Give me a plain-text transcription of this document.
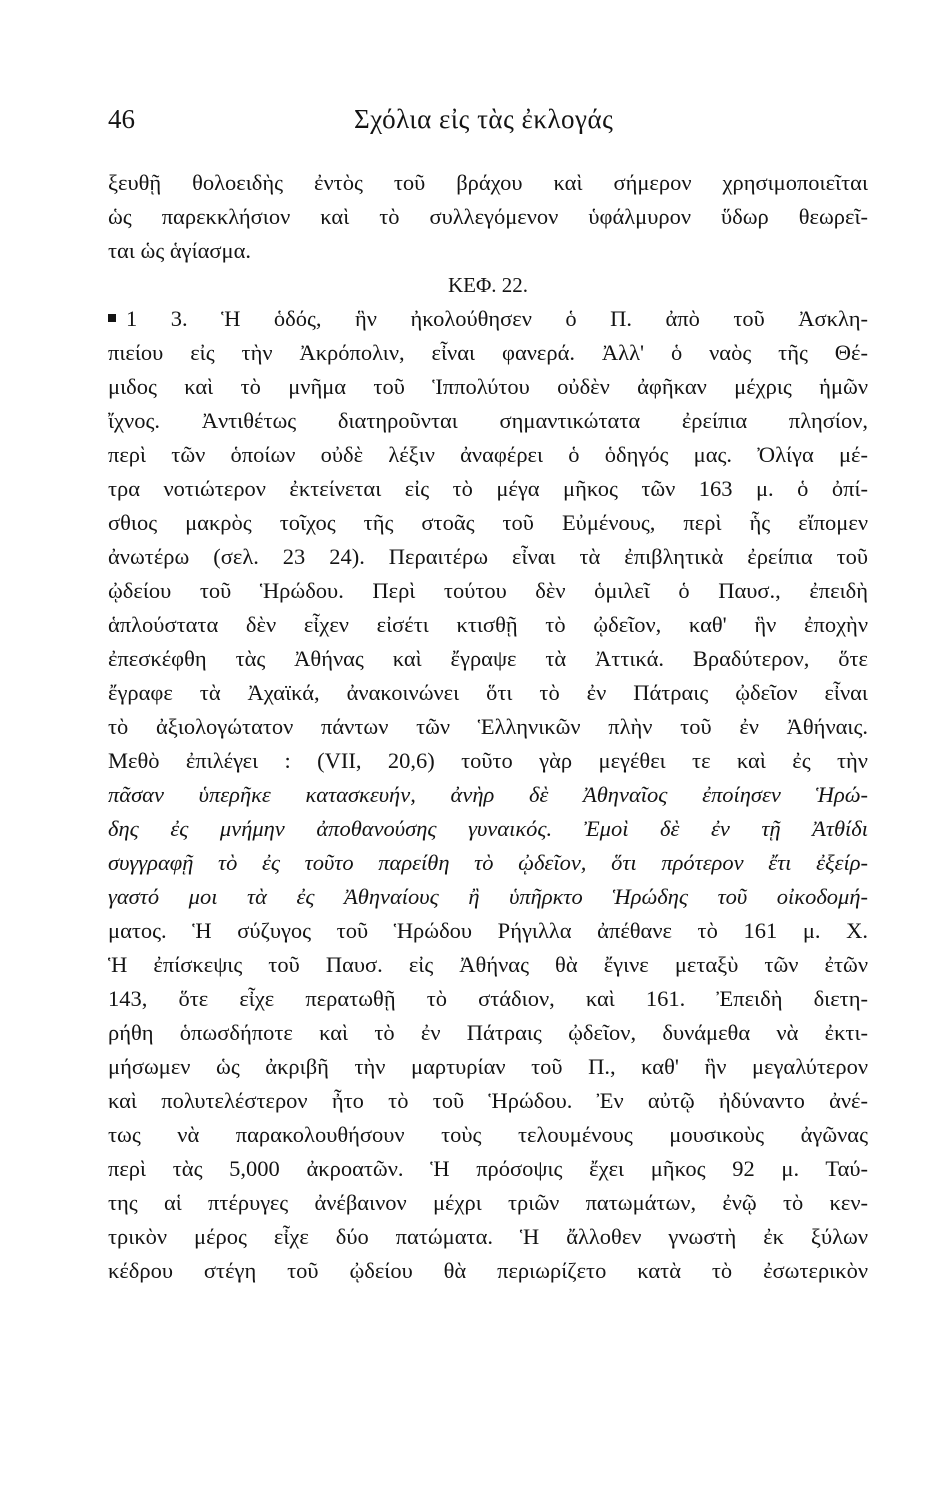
46	Σχόλια εἰς τὰς ἐκλογάς
ξευθῇ θολοειδὴς ἐντὸς τοῦ βράχου καὶ σήμερον χρησιμοποιεῖται
ὡς παρεκκλήσιον καὶ τὸ συλλεγόμενον ὑφάλμυρον ὕδωρ θεωρεῖ-
ται ὡς ἁγίασμα.
ΚΕΦ. 22.
1 3. Ἡ ὁδός, ἣν ἠκολούθησεν ὁ Π. ἀπὸ τοῦ Ἀσκλη-
πιείου εἰς τὴν Ἀκρόπολιν, εἶναι φανερά. Ἀλλ' ὁ ναὸς τῆς Θέ-
μιδος καὶ τὸ μνῆμα τοῦ Ἱππολύτου οὐδὲν ἀφῆκαν μέχρις ἡμῶν
ἴχνος. Ἀντιθέτως διατηροῦνται σημαντικώτατα ἐρείπια πλησίον,
περὶ τῶν ὁποίων οὐδὲ λέξιν ἀναφέρει ὁ ὁδηγός μας. Ὀλίγα μέ-
τρα νοτιώτερον ἐκτείνεται εἰς τὸ μέγα μῆκος τῶν 163 μ. ὁ ὀπί-
σθιος μακρὸς τοῖχος τῆς στοᾶς τοῦ Εὐμένους, περὶ ἧς εἴπομεν
ἀνωτέρω (σελ. 23 24). Περαιτέρω εἶναι τὰ ἐπιβλητικὰ ἐρείπια τοῦ
ᾠδείου τοῦ Ἡρώδου. Περὶ τούτου δὲν ὁμιλεῖ ὁ Παυσ., ἐπειδὴ
ἁπλούστατα δὲν εἶχεν εἰσέτι κτισθῇ τὸ ᾠδεῖον, καθ' ἣν ἐποχὴν
ἐπεσκέφθη τὰς Ἀθήνας καὶ ἔγραψε τὰ Ἀττικά. Βραδύτερον, ὅτε
ἔγραφε τὰ Ἀχαϊκά, ἀνακοινώνει ὅτι τὸ ἐν Πάτραις ᾠδεῖον εἶναι
τὸ ἀξιολογώτατον πάντων τῶν Ἑλληνικῶν πλὴν τοῦ ἐν Ἀθήναις.
Μεθὸ ἐπιλέγει : (VII, 20,6) τοῦτο γὰρ μεγέθει τε καὶ ἐς τὴν
πᾶσαν ὑπερῆκε κατασκευήν, ἀνὴρ δὲ Ἀθηναῖος ἐποίησεν Ἡρώ-
δης ἐς μνήμην ἀποθανούσης γυναικός. Ἐμοὶ δὲ ἐν τῇ Ἀτθίδι
συγγραφῇ τὸ ἐς τοῦτο παρείθη τὸ ᾠδεῖον, ὅτι πρότερον ἔτι ἐξείρ-
γαστό μοι τὰ ἐς Ἀθηναίους ἢ ὑπῆρκτο Ἡρώδης τοῦ οἰκοδομή-
ματος. Ἡ σύζυγος τοῦ Ἡρώδου Ρήγιλλα ἀπέθανε τὸ 161 μ. Χ.
Ἡ ἐπίσκεψις τοῦ Παυσ. εἰς Ἀθήνας θὰ ἔγινε μεταξὺ τῶν ἐτῶν
143, ὅτε εἶχε περατωθῇ τὸ στάδιον, καὶ 161. Ἐπειδὴ διετη-
ρήθη ὁπωσδήποτε καὶ τὸ ἐν Πάτραις ᾠδεῖον, δυνάμεθα νὰ ἐκτι-
μήσωμεν ὡς ἀκριβῆ τὴν μαρτυρίαν τοῦ Π., καθ' ἣν μεγαλύτερον
καὶ πολυτελέστερον ἦτο τὸ τοῦ Ἡρώδου. Ἐν αὐτῷ ἠδύναντο ἀνέ-
τως νὰ παρακολουθήσουν τοὺς τελουμένους μουσικοὺς ἀγῶνας
περὶ τὰς 5,000 ἀκροατῶν. Ἡ πρόσοψις ἔχει μῆκος 92 μ. Ταύ-
της αἱ πτέρυγες ἀνέβαινον μέχρι τριῶν πατωμάτων, ἐνῷ τὸ κεν-
τρικὸν μέρος εἶχε δύο πατώματα. Ἡ ἄλλοθεν γνωστὴ ἐκ ξύλων
κέδρου στέγη τοῦ ᾠδείου θὰ περιωρίζετο κατὰ τὸ ἐσωτερικὸν
